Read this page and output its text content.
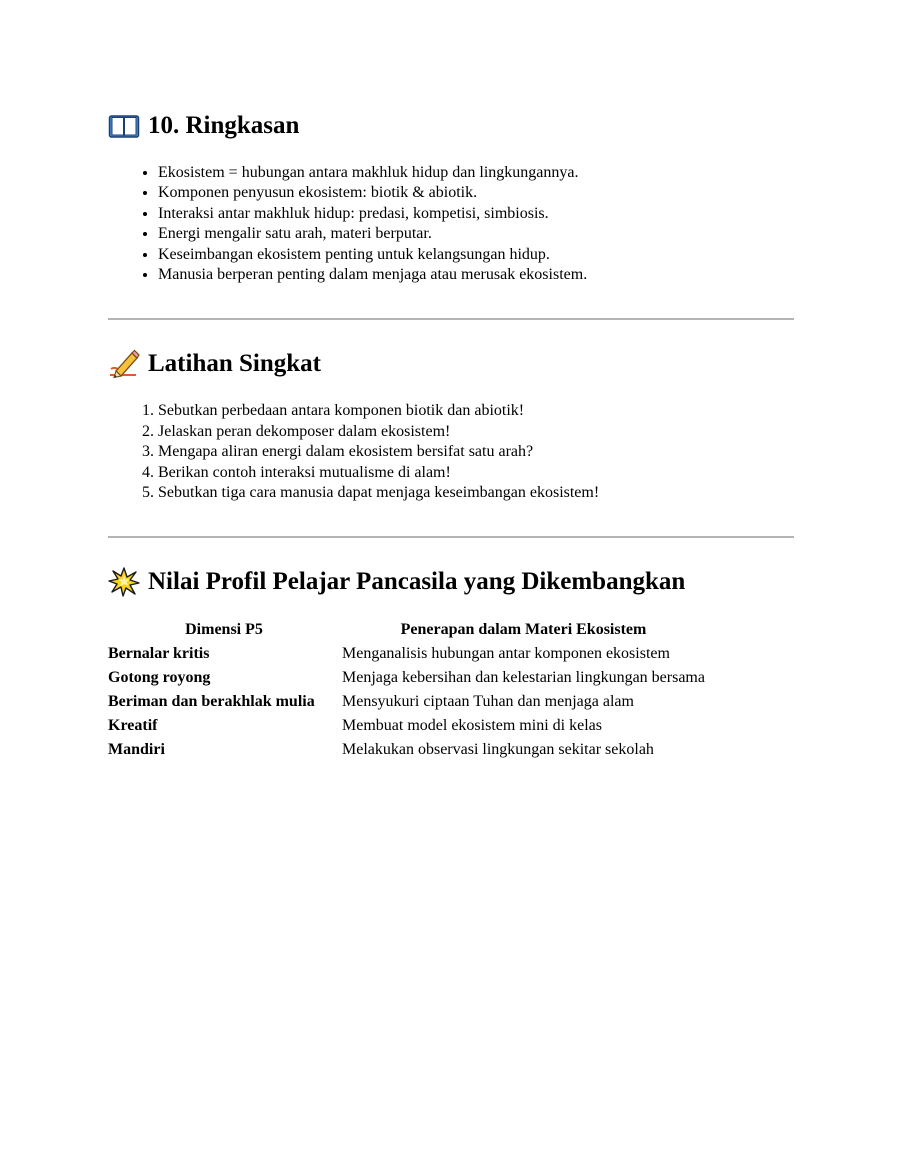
10. Ringkasan
• Ekosistem = hubungan antara makhluk hidup dan lingkungannya.
• Komponen penyusun ekosistem: biotik & abiotik.
• Interaksi antar makhluk hidup: predasi, kompetisi, simbiosis.
• Energi mengalir satu arah, materi berputar.
• Keseimbangan ekosistem penting untuk kelangsungan hidup.
• Manusia berperan penting dalam menjaga atau merusak ekosistem.
Latihan Singkat
1. Sebutkan perbedaan antara komponen biotik dan abiotik!
2. Jelaskan peran dekomposer dalam ekosistem!
3. Mengapa aliran energi dalam ekosistem bersifat satu arah?
4. Berikan contoh interaksi mutualisme di alam!
5. Sebutkan tiga cara manusia dapat menjaga keseimbangan ekosistem!
Nilai Profil Pelajar Pancasila yang Dikembangkan
Dimensi P5	Penerapan dalam Materi Ekosistem
Bernalar kritis	Menganalisis hubungan antar komponen ekosistem
Gotong royong	Menjaga kebersihan dan kelestarian lingkungan bersama
Beriman dan berakhlak mulia	Mensyukuri ciptaan Tuhan dan menjaga alam
Kreatif	Membuat model ekosistem mini di kelas
Mandiri	Melakukan observasi lingkungan sekitar sekolah
